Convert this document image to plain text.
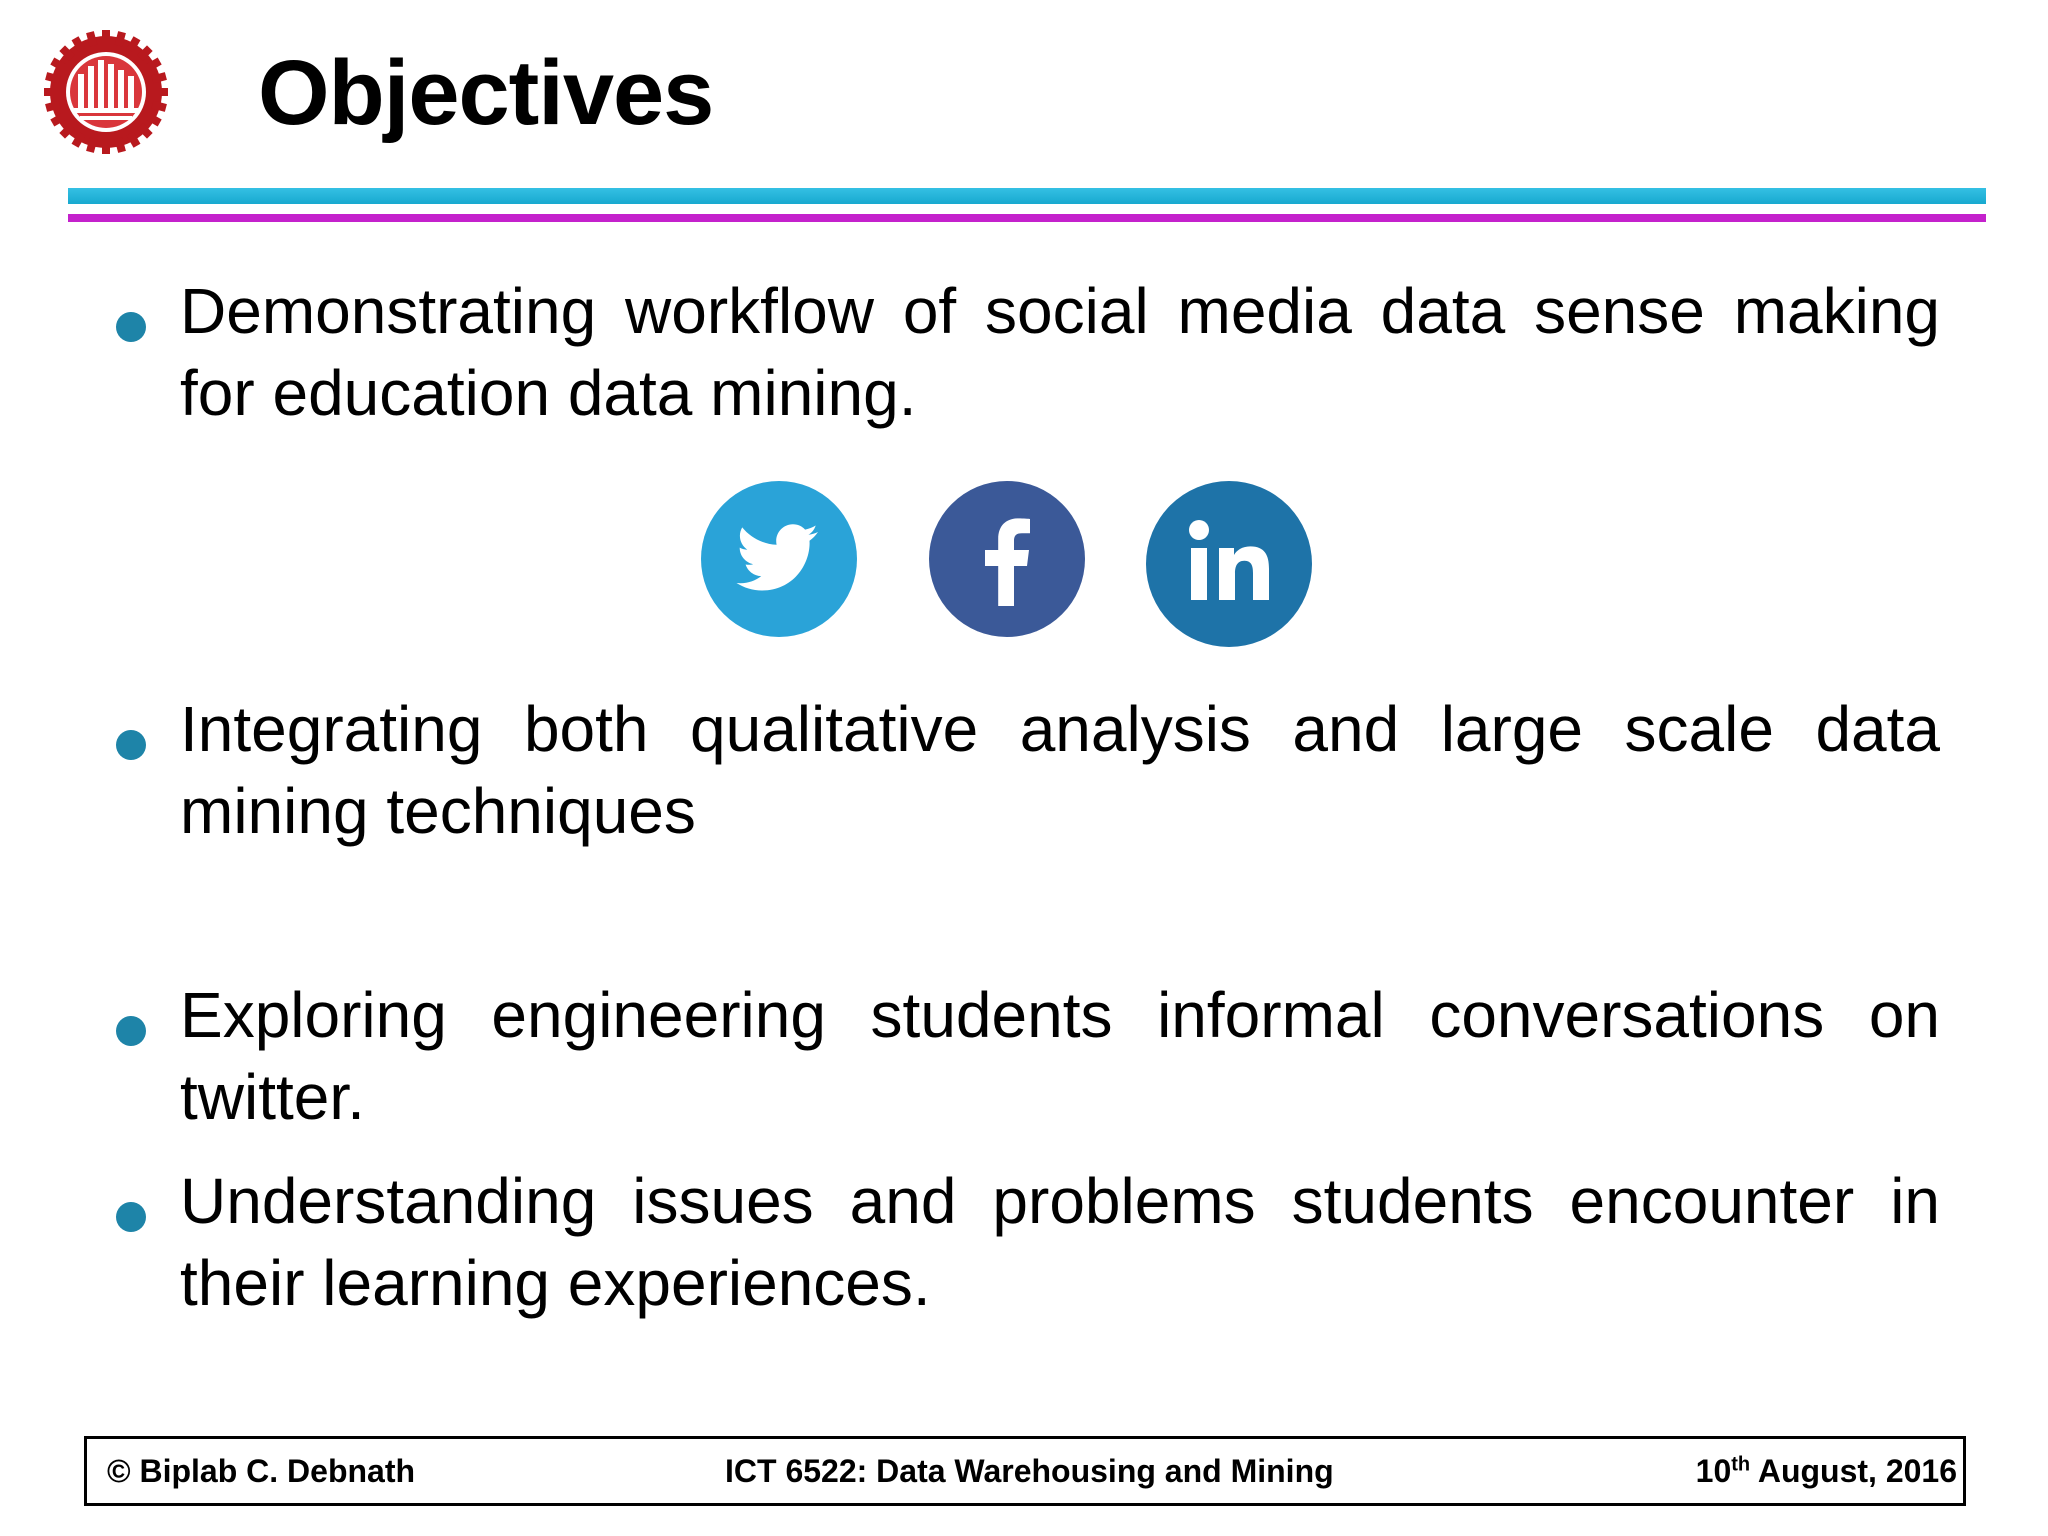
Objectives

Demonstrating workflow of social media data sense making for education data mining.

Integrating both qualitative analysis and large scale data mining techniques

Exploring engineering students informal conversations on twitter.

Understanding issues and problems students encounter in their learning experiences.

© Biplab C. Debnath	ICT 6522: Data Warehousing and Mining	10th August, 2016
